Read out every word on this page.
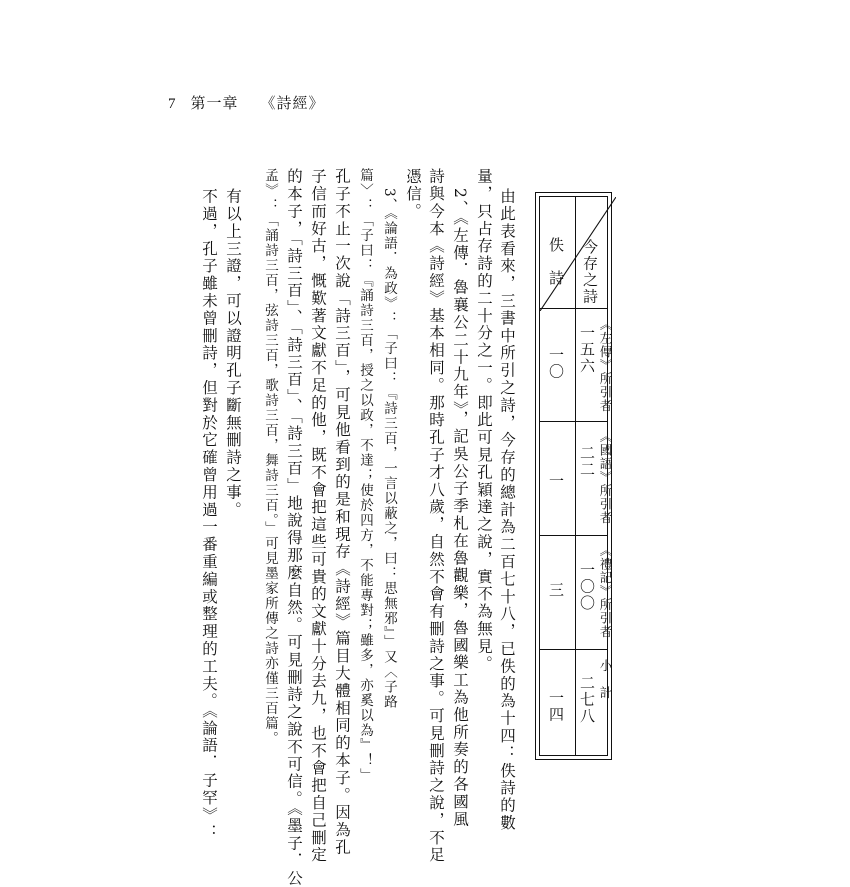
7 第一章 《詩經》
今存之詩
佚　詩
《左傳》所引者
《國語》所引者
《禮記》所引者
小　計
一五六
二二
一〇〇
二七八
一〇
一
三
一四
由此表看來，三書中所引之詩，今存的總計為二百七十八，已佚的為十四：佚詩的數
量，只占存詩的二十分之一。即此可見孔穎達之說，實不為無見。
2、《左傳．魯襄公二十九年》，記吳公子季札在魯觀樂，魯國樂工為他所奏的各國風
詩與今本《詩經》基本相同。那時孔子才八歲，自然不會有刪詩之事。可見刪詩之說，不足
憑信。
3、《論語．為政》：「子曰：『詩三百，一言以蔽之，曰：思無邪』」又〈子路
篇〉：「子曰：『誦詩三百，授之以政，不達；使於四方，不能專對；雖多，亦奚以為』！」
孔子不止一次說「詩三百」，可見他看到的是和現存《詩經》篇目大體相同的本子。因為孔
子信而好古，慨歎著文獻不足的他，既不會把這些可貴的文獻十分去九，也不會把自己刪定
的本子，「詩三百」、「詩三百」、「詩三百」地說得那麼自然。可見刪詩之說不可信。《墨子．公
孟》：「誦詩三百，弦詩三百，歌詩三百，舞詩三百。」可見墨家所傳之詩亦僅三百篇。
有以上三證，可以證明孔子斷無刪詩之事。
不過，孔子雖未曾刪詩，但對於它確曾用過一番重編或整理的工夫。《論語．子罕》：
